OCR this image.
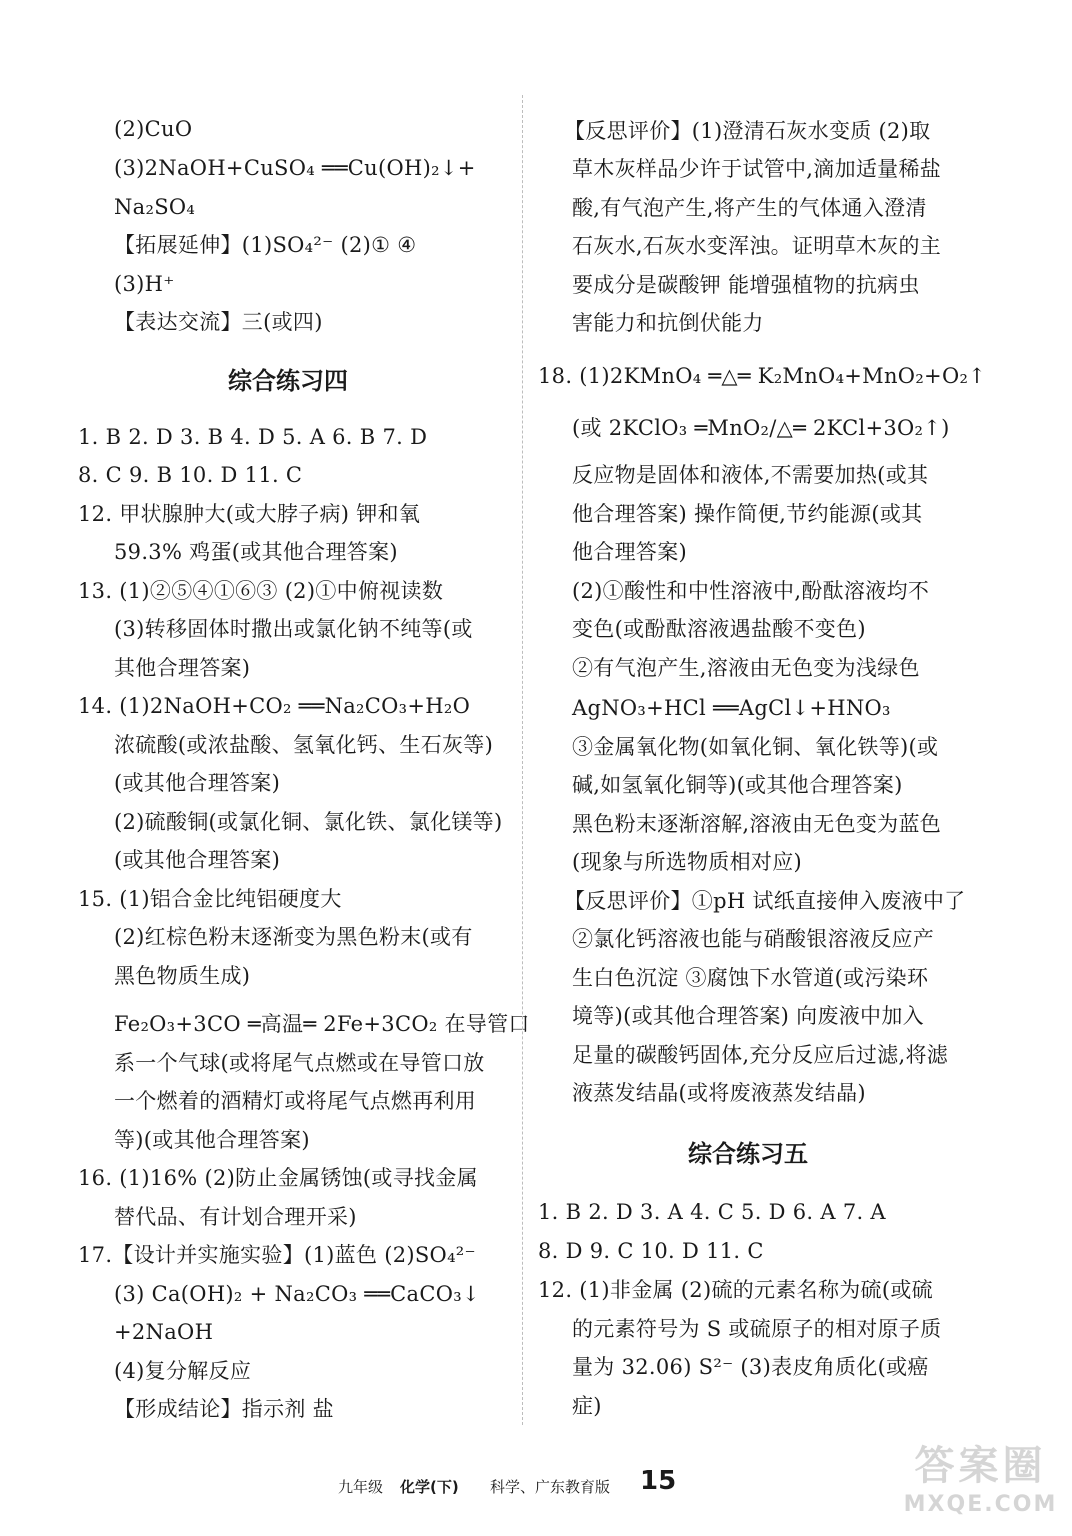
(2)CuO
(3)2NaOH+CuSO₄ ══Cu(OH)₂↓+
Na₂SO₄
【拓展延伸】(1)SO₄²⁻ (2)① ④
(3)H⁺
【表达交流】三(或四)
综合练习四
1. B 2. D 3. B 4. D 5. A 6. B 7. D
8. C 9. B 10. D 11. C
12. 甲状腺肿大(或大脖子病) 钾和氧
59.3% 鸡蛋(或其他合理答案)
13. (1)②⑤④①⑥③ (2)①中俯视读数
(3)转移固体时撒出或氯化钠不纯等(或
其他合理答案)
14. (1)2NaOH+CO₂ ══Na₂CO₃+H₂O
浓硫酸(或浓盐酸、氢氧化钙、生石灰等)
(或其他合理答案)
(2)硫酸铜(或氯化铜、氯化铁、氯化镁等)
(或其他合理答案)
15. (1)铝合金比纯铝硬度大
(2)红棕色粉末逐渐变为黑色粉末(或有
黑色物质生成)
Fe₂O₃+3CO ═高温═ 2Fe+3CO₂ 在导管口
系一个气球(或将尾气点燃或在导管口放
一个燃着的酒精灯或将尾气点燃再利用
等)(或其他合理答案)
16. (1)16% (2)防止金属锈蚀(或寻找金属
替代品、有计划合理开采)
17.【设计并实施实验】(1)蓝色 (2)SO₄²⁻
(3) Ca(OH)₂ + Na₂CO₃ ══CaCO₃↓
+2NaOH
(4)复分解反应
【形成结论】指示剂 盐
【反思评价】(1)澄清石灰水变质 (2)取
草木灰样品少许于试管中,滴加适量稀盐
酸,有气泡产生,将产生的气体通入澄清
石灰水,石灰水变浑浊。证明草木灰的主
要成分是碳酸钾 能增强植物的抗病虫
害能力和抗倒伏能力
18. (1)2KMnO₄ ═△═ K₂MnO₄+MnO₂+O₂↑
(或 2KClO₃ ═MnO₂/△═ 2KCl+3O₂↑)
反应物是固体和液体,不需要加热(或其
他合理答案) 操作简便,节约能源(或其
他合理答案)
(2)①酸性和中性溶液中,酚酞溶液均不
变色(或酚酞溶液遇盐酸不变色)
②有气泡产生,溶液由无色变为浅绿色
AgNO₃+HCl ══AgCl↓+HNO₃
③金属氧化物(如氧化铜、氧化铁等)(或
碱,如氢氧化铜等)(或其他合理答案)
黑色粉末逐渐溶解,溶液由无色变为蓝色
(现象与所选物质相对应)
【反思评价】①pH 试纸直接伸入废液中了
②氯化钙溶液也能与硝酸银溶液反应产
生白色沉淀 ③腐蚀下水管道(或污染环
境等)(或其他合理答案) 向废液中加入
足量的碳酸钙固体,充分反应后过滤,将滤
液蒸发结晶(或将废液蒸发结晶)
综合练习五
1. B 2. D 3. A 4. C 5. D 6. A 7. A
8. D 9. C 10. D 11. C
12. (1)非金属 (2)硫的元素名称为硫(或硫
的元素符号为 S 或硫原子的相对原子质
量为 32.06) S²⁻ (3)表皮角质化(或癌
症)
九年级 化学(下) 科学、广东教育版 15	答案圈
MXQE.COM
